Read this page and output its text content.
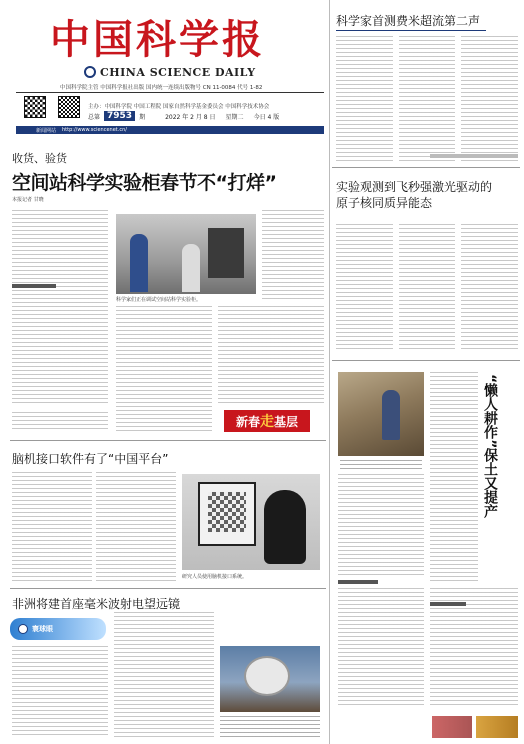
中国科学报
CHINA SCIENCE DAILY
中国科学院主管 中国科学报社出版 国内统一连续出版物号 CN 11-0084 代号 1-82
总第 7953	期	2022 年 2 月 8 日 星期二 今日 4 版
主办：中国科学院 中国工程院 国家自然科学基金委员会 中国科学技术协会
新闻网站 http://www.sciencenet.cn/
科学家首测费米超流第二声
实验观测到飞秒强激光驱动的
原子核同质异能态
“懒人耕作”保土又提产
收货、验货
空间站科学实验柜春节不“打烊”
本报记者 甘晓
科学家们正在调试空间站科学实验柜。
新春 走 基层
脑机接口软件有了“中国平台”
研究人员使用脑机接口系统。
非洲将建首座毫米波射电望远镜
寰球眼
